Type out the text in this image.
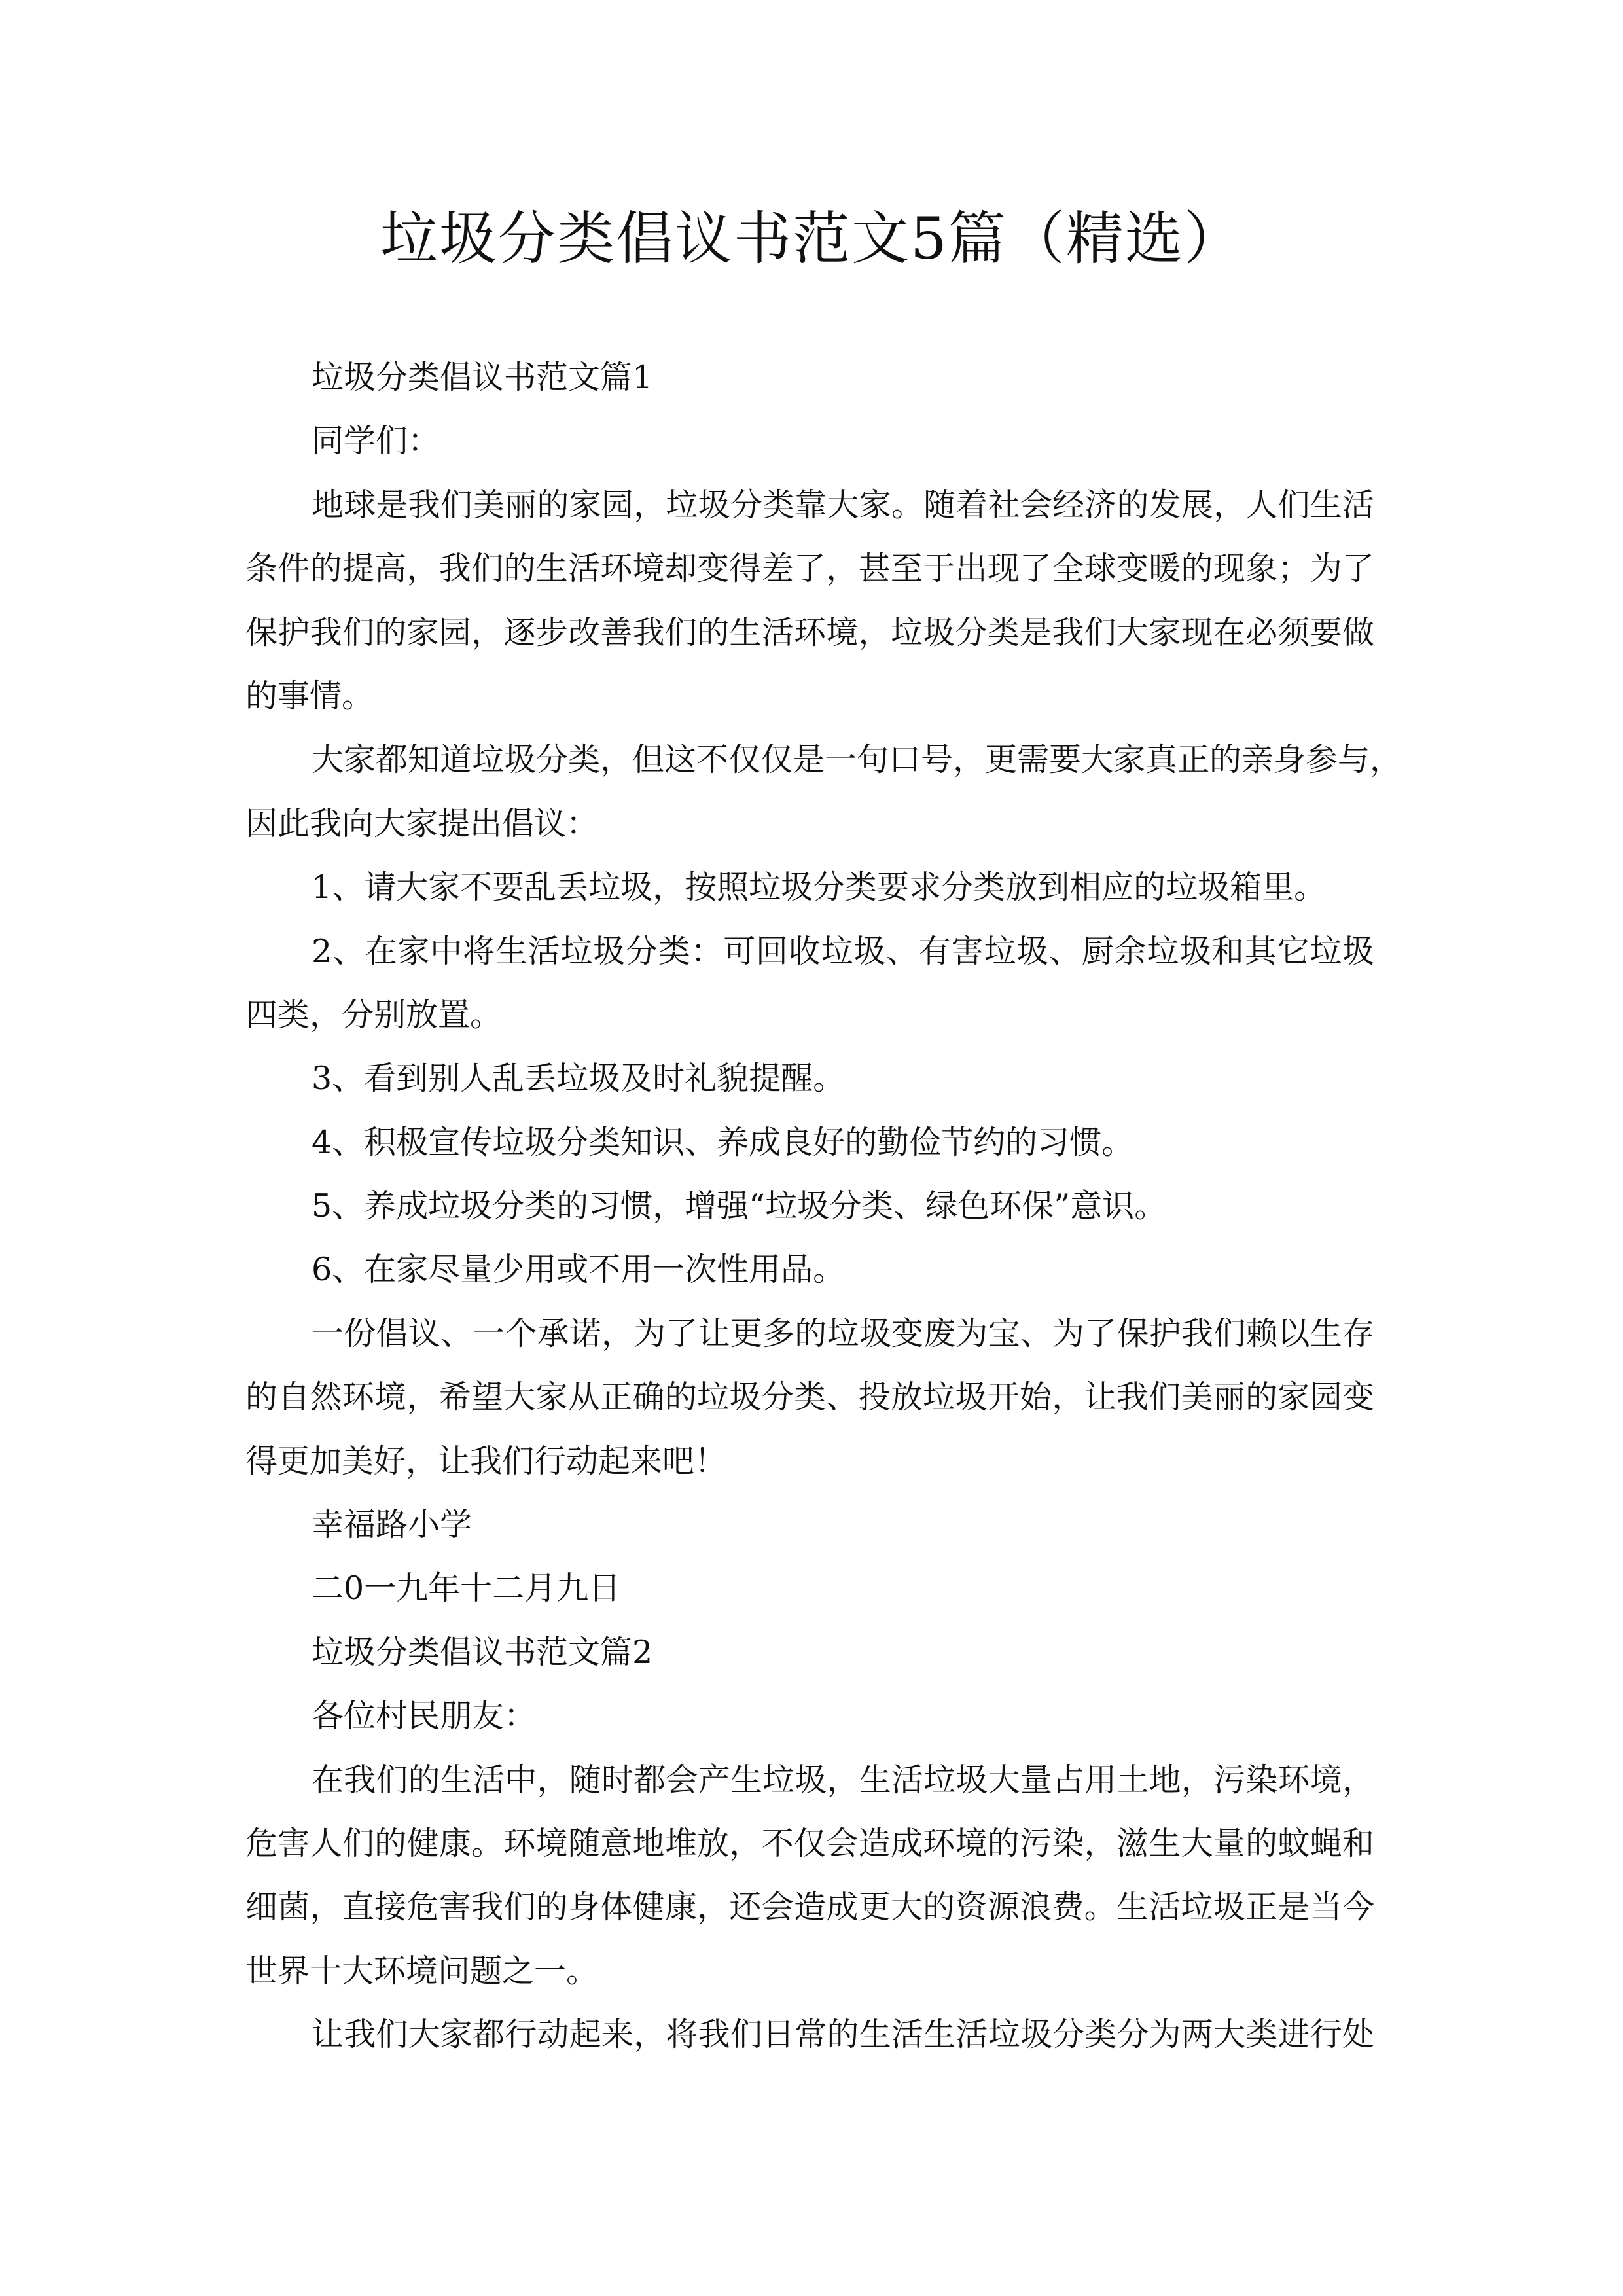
垃圾分类倡议书范文5篇（精选）
垃圾分类倡议书范文篇1
同学们：
地球是我们美丽的家园，垃圾分类靠大家。随着社会经济的发展，人们生活
条件的提高，我们的生活环境却变得差了，甚至于出现了全球变暖的现象；为了
保护我们的家园，逐步改善我们的生活环境，垃圾分类是我们大家现在必须要做
的事情。
大家都知道垃圾分类，但这不仅仅是一句口号，更需要大家真正的亲身参与，
因此我向大家提出倡议：
1、请大家不要乱丢垃圾，按照垃圾分类要求分类放到相应的垃圾箱里。
2、在家中将生活垃圾分类：可回收垃圾、有害垃圾、厨余垃圾和其它垃圾
四类，分别放置。
3、看到别人乱丢垃圾及时礼貌提醒。
4、积极宣传垃圾分类知识、养成良好的勤俭节约的习惯。
5、养成垃圾分类的习惯，增强“垃圾分类、绿色环保”意识。
6、在家尽量少用或不用一次性用品。
一份倡议、一个承诺，为了让更多的垃圾变废为宝、为了保护我们赖以生存
的自然环境，希望大家从正确的垃圾分类、投放垃圾开始，让我们美丽的家园变
得更加美好，让我们行动起来吧！
幸福路小学
二0一九年十二月九日
垃圾分类倡议书范文篇2
各位村民朋友：
在我们的生活中，随时都会产生垃圾，生活垃圾大量占用土地，污染环境，
危害人们的健康。环境随意地堆放，不仅会造成环境的污染，滋生大量的蚊蝇和
细菌，直接危害我们的身体健康，还会造成更大的资源浪费。生活垃圾正是当今
世界十大环境问题之一。
让我们大家都行动起来，将我们日常的生活生活垃圾分类分为两大类进行处
